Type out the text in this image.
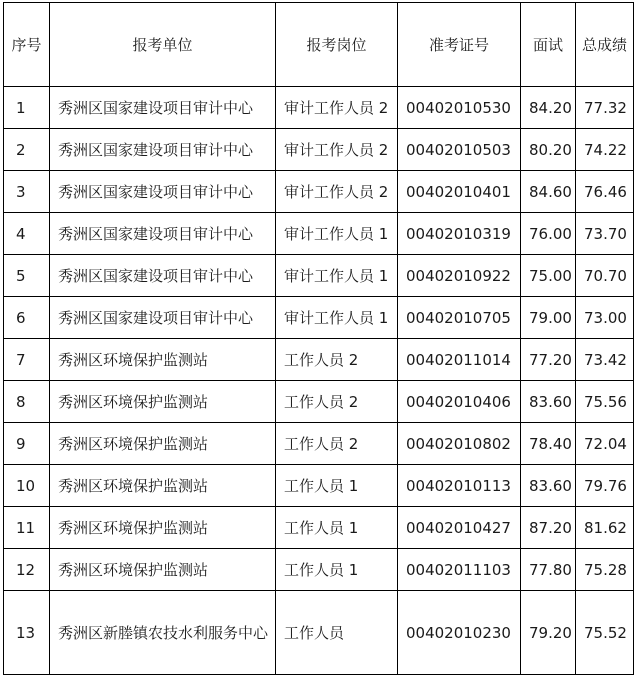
序号	报考单位	报考岗位	准考证号	面试	总成绩
1	秀洲区国家建设项目审计中心	审计工作人员 2	00402010530	84.20	77.32
2	秀洲区国家建设项目审计中心	审计工作人员 2	00402010503	80.20	74.22
3	秀洲区国家建设项目审计中心	审计工作人员 2	00402010401	84.60	76.46
4	秀洲区国家建设项目审计中心	审计工作人员 1	00402010319	76.00	73.70
5	秀洲区国家建设项目审计中心	审计工作人员 1	00402010922	75.00	70.70
6	秀洲区国家建设项目审计中心	审计工作人员 1	00402010705	79.00	73.00
7	秀洲区环境保护监测站	工作人员 2	00402011014	77.20	73.42
8	秀洲区环境保护监测站	工作人员 2	00402010406	83.60	75.56
9	秀洲区环境保护监测站	工作人员 2	00402010802	78.40	72.04
10	秀洲区环境保护监测站	工作人员 1	00402010113	83.60	79.76
11	秀洲区环境保护监测站	工作人员 1	00402010427	87.20	81.62
12	秀洲区环境保护监测站	工作人员 1	00402011103	77.80	75.28
13	秀洲区新塍镇农技水利服务中心	工作人员	00402010230	79.20	75.52
